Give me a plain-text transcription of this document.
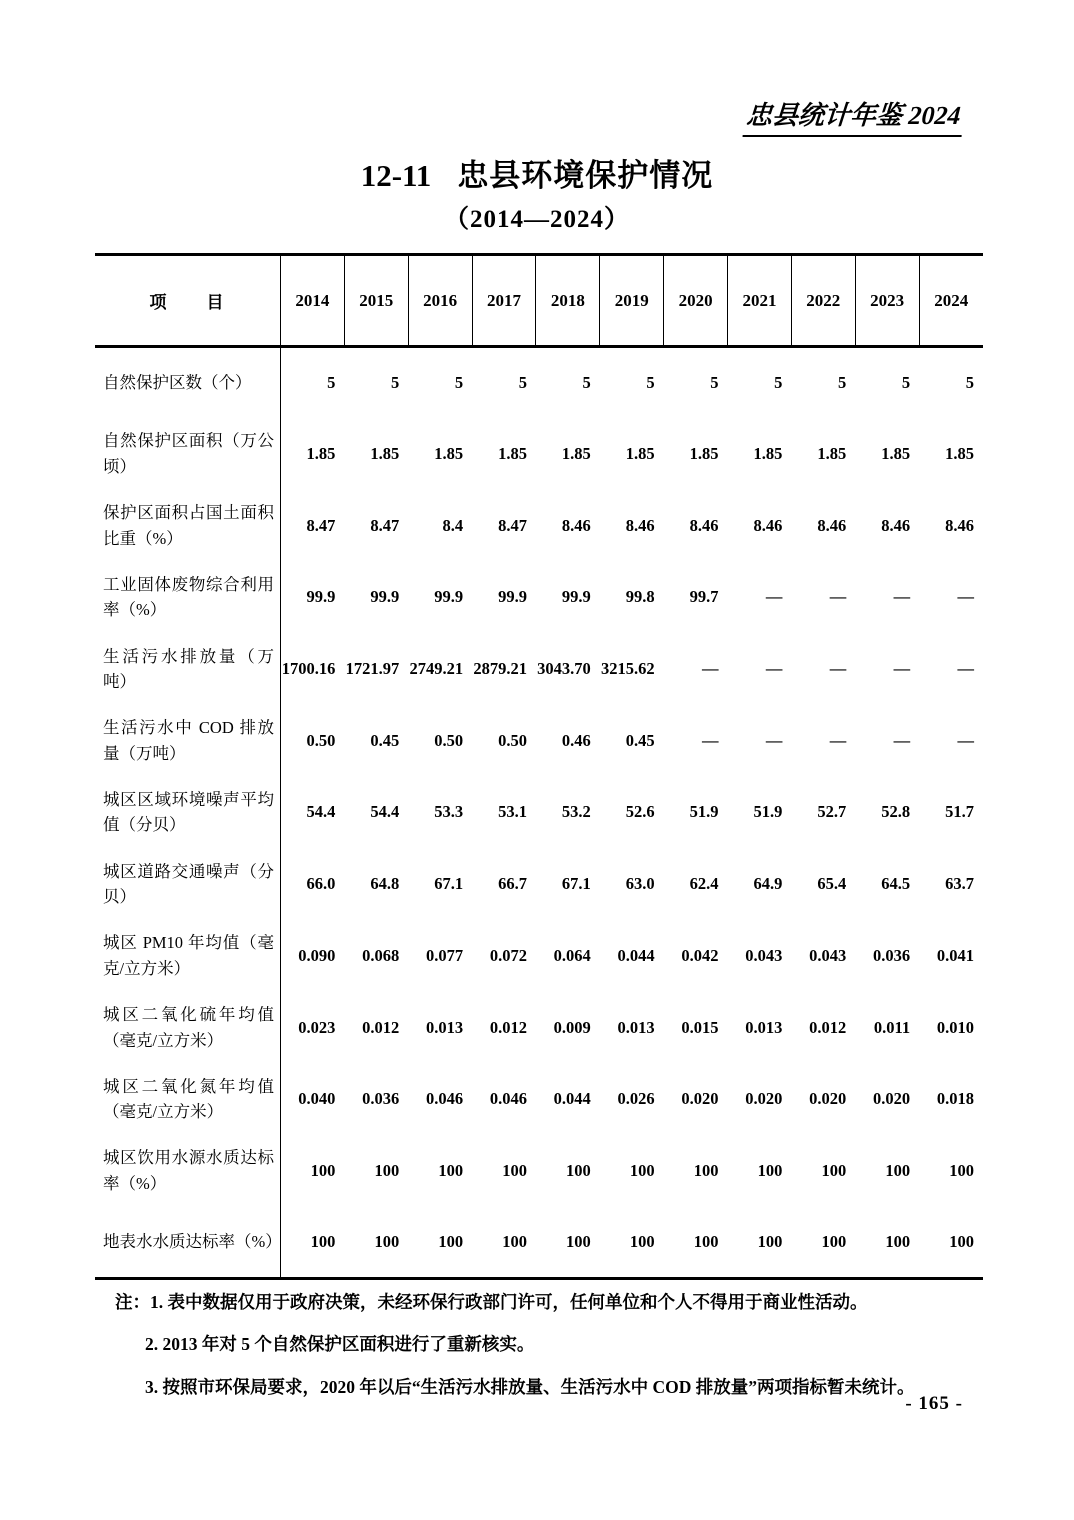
忠县统计年鉴 2024
12-11 忠县环境保护情况
（2014—2024）
项　　目	2014	2015	2016	2017	2018	2019	2020	2021	2022	2023	2024
自然保护区数（个）	5	5	5	5	5	5	5	5	5	5	5
自然保护区面积（万公顷）	1.85	1.85	1.85	1.85	1.85	1.85	1.85	1.85	1.85	1.85	1.85
保护区面积占国土面积比重（%）	8.47	8.47	8.4	8.47	8.46	8.46	8.46	8.46	8.46	8.46	8.46
工业固体废物综合利用率（%）	99.9	99.9	99.9	99.9	99.9	99.8	99.7	—	—	—	—
生活污水排放量（万吨）	1700.16	1721.97	2749.21	2879.21	3043.70	3215.62	—	—	—	—	—
生活污水中 COD 排放量（万吨）	0.50	0.45	0.50	0.50	0.46	0.45	—	—	—	—	—
城区区域环境噪声平均值（分贝）	54.4	54.4	53.3	53.1	53.2	52.6	51.9	51.9	52.7	52.8	51.7
城区道路交通噪声（分贝）	66.0	64.8	67.1	66.7	67.1	63.0	62.4	64.9	65.4	64.5	63.7
城区 PM10 年均值（毫克/立方米）	0.090	0.068	0.077	0.072	0.064	0.044	0.042	0.043	0.043	0.036	0.041
城区二氧化硫年均值（毫克/立方米）	0.023	0.012	0.013	0.012	0.009	0.013	0.015	0.013	0.012	0.011	0.010
城区二氧化氮年均值（毫克/立方米）	0.040	0.036	0.046	0.046	0.044	0.026	0.020	0.020	0.020	0.020	0.018
城区饮用水源水质达标率（%）	100	100	100	100	100	100	100	100	100	100	100
地表水水质达标率（%）	100	100	100	100	100	100	100	100	100	100	100

注：1. 表中数据仅用于政府决策，未经环保行政部门许可，任何单位和个人不得用于商业性活动。

2. 2013 年对 5 个自然保护区面积进行了重新核实。

3. 按照市环保局要求，2020 年以后“生活污水排放量、生活污水中 COD 排放量”两项指标暂未统计。

- 165 -
